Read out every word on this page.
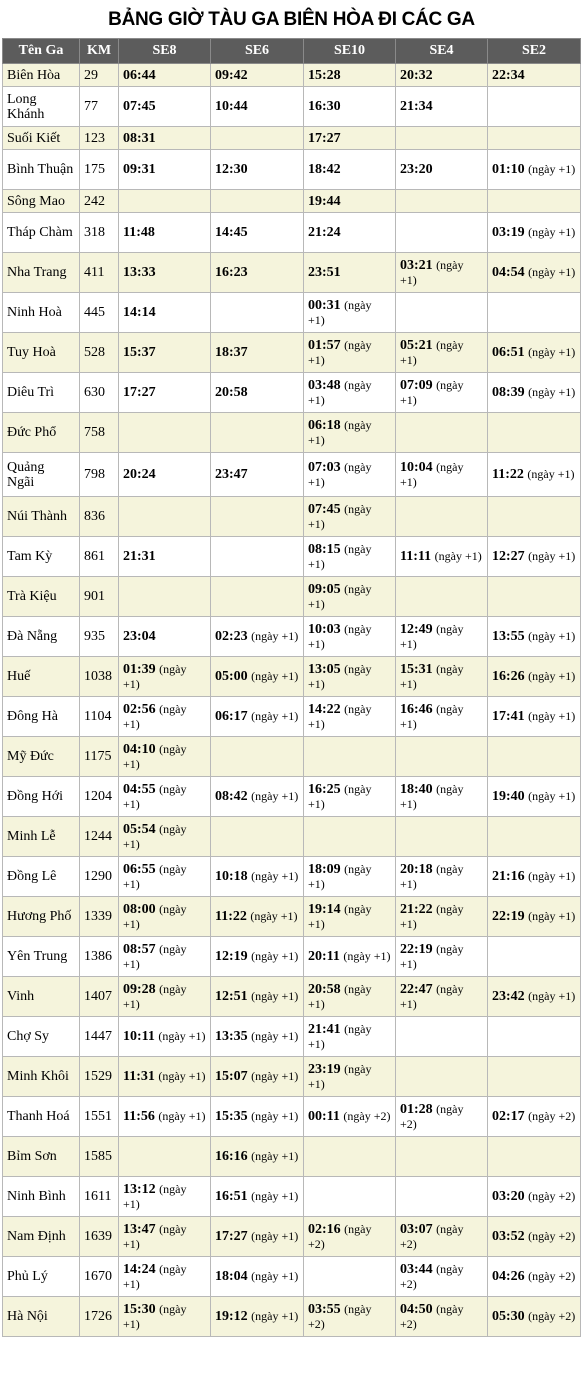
BẢNG GIỜ TÀU GA BIÊN HÒA ĐI CÁC GA
Tên Ga	KM	SE8	SE6	SE10	SE4	SE2
Biên Hòa	29	06:44	09:42	15:28	20:32	22:34
Long Khánh	77	07:45	10:44	16:30	21:34	
Suối Kiết	123	08:31		17:27		
Bình Thuận	175	09:31	12:30	18:42	23:20	01:10 (ngày +1)
Sông Mao	242			19:44		
Tháp Chàm	318	11:48	14:45	21:24		03:19 (ngày +1)
Nha Trang	411	13:33	16:23	23:51	03:21 (ngày +1)	04:54 (ngày +1)
Ninh Hoà	445	14:14		00:31 (ngày +1)		
Tuy Hoà	528	15:37	18:37	01:57 (ngày +1)	05:21 (ngày +1)	06:51 (ngày +1)
Diêu Trì	630	17:27	20:58	03:48 (ngày +1)	07:09 (ngày +1)	08:39 (ngày +1)
Đức Phổ	758			06:18 (ngày +1)		
Quảng Ngãi	798	20:24	23:47	07:03 (ngày +1)	10:04 (ngày +1)	11:22 (ngày +1)
Núi Thành	836			07:45 (ngày +1)		
Tam Kỳ	861	21:31		08:15 (ngày +1)	11:11 (ngày +1)	12:27 (ngày +1)
Trà Kiệu	901			09:05 (ngày +1)		
Đà Nẵng	935	23:04	02:23 (ngày +1)	10:03 (ngày +1)	12:49 (ngày +1)	13:55 (ngày +1)
Huế	1038	01:39 (ngày +1)	05:00 (ngày +1)	13:05 (ngày +1)	15:31 (ngày +1)	16:26 (ngày +1)
Đông Hà	1104	02:56 (ngày +1)	06:17 (ngày +1)	14:22 (ngày +1)	16:46 (ngày +1)	17:41 (ngày +1)
Mỹ Đức	1175	04:10 (ngày +1)				
Đồng Hới	1204	04:55 (ngày +1)	08:42 (ngày +1)	16:25 (ngày +1)	18:40 (ngày +1)	19:40 (ngày +1)
Minh Lễ	1244	05:54 (ngày +1)				
Đồng Lê	1290	06:55 (ngày +1)	10:18 (ngày +1)	18:09 (ngày +1)	20:18 (ngày +1)	21:16 (ngày +1)
Hương Phố	1339	08:00 (ngày +1)	11:22 (ngày +1)	19:14 (ngày +1)	21:22 (ngày +1)	22:19 (ngày +1)
Yên Trung	1386	08:57 (ngày +1)	12:19 (ngày +1)	20:11 (ngày +1)	22:19 (ngày +1)	
Vinh	1407	09:28 (ngày +1)	12:51 (ngày +1)	20:58 (ngày +1)	22:47 (ngày +1)	23:42 (ngày +1)
Chợ Sy	1447	10:11 (ngày +1)	13:35 (ngày +1)	21:41 (ngày +1)		
Minh Khôi	1529	11:31 (ngày +1)	15:07 (ngày +1)	23:19 (ngày +1)		
Thanh Hoá	1551	11:56 (ngày +1)	15:35 (ngày +1)	00:11 (ngày +2)	01:28 (ngày +2)	02:17 (ngày +2)
Bỉm Sơn	1585		16:16 (ngày +1)			
Ninh Bình	1611	13:12 (ngày +1)	16:51 (ngày +1)			03:20 (ngày +2)
Nam Định	1639	13:47 (ngày +1)	17:27 (ngày +1)	02:16 (ngày +2)	03:07 (ngày +2)	03:52 (ngày +2)
Phủ Lý	1670	14:24 (ngày +1)	18:04 (ngày +1)		03:44 (ngày +2)	04:26 (ngày +2)
Hà Nội	1726	15:30 (ngày +1)	19:12 (ngày +1)	03:55 (ngày +2)	04:50 (ngày +2)	05:30 (ngày +2)
